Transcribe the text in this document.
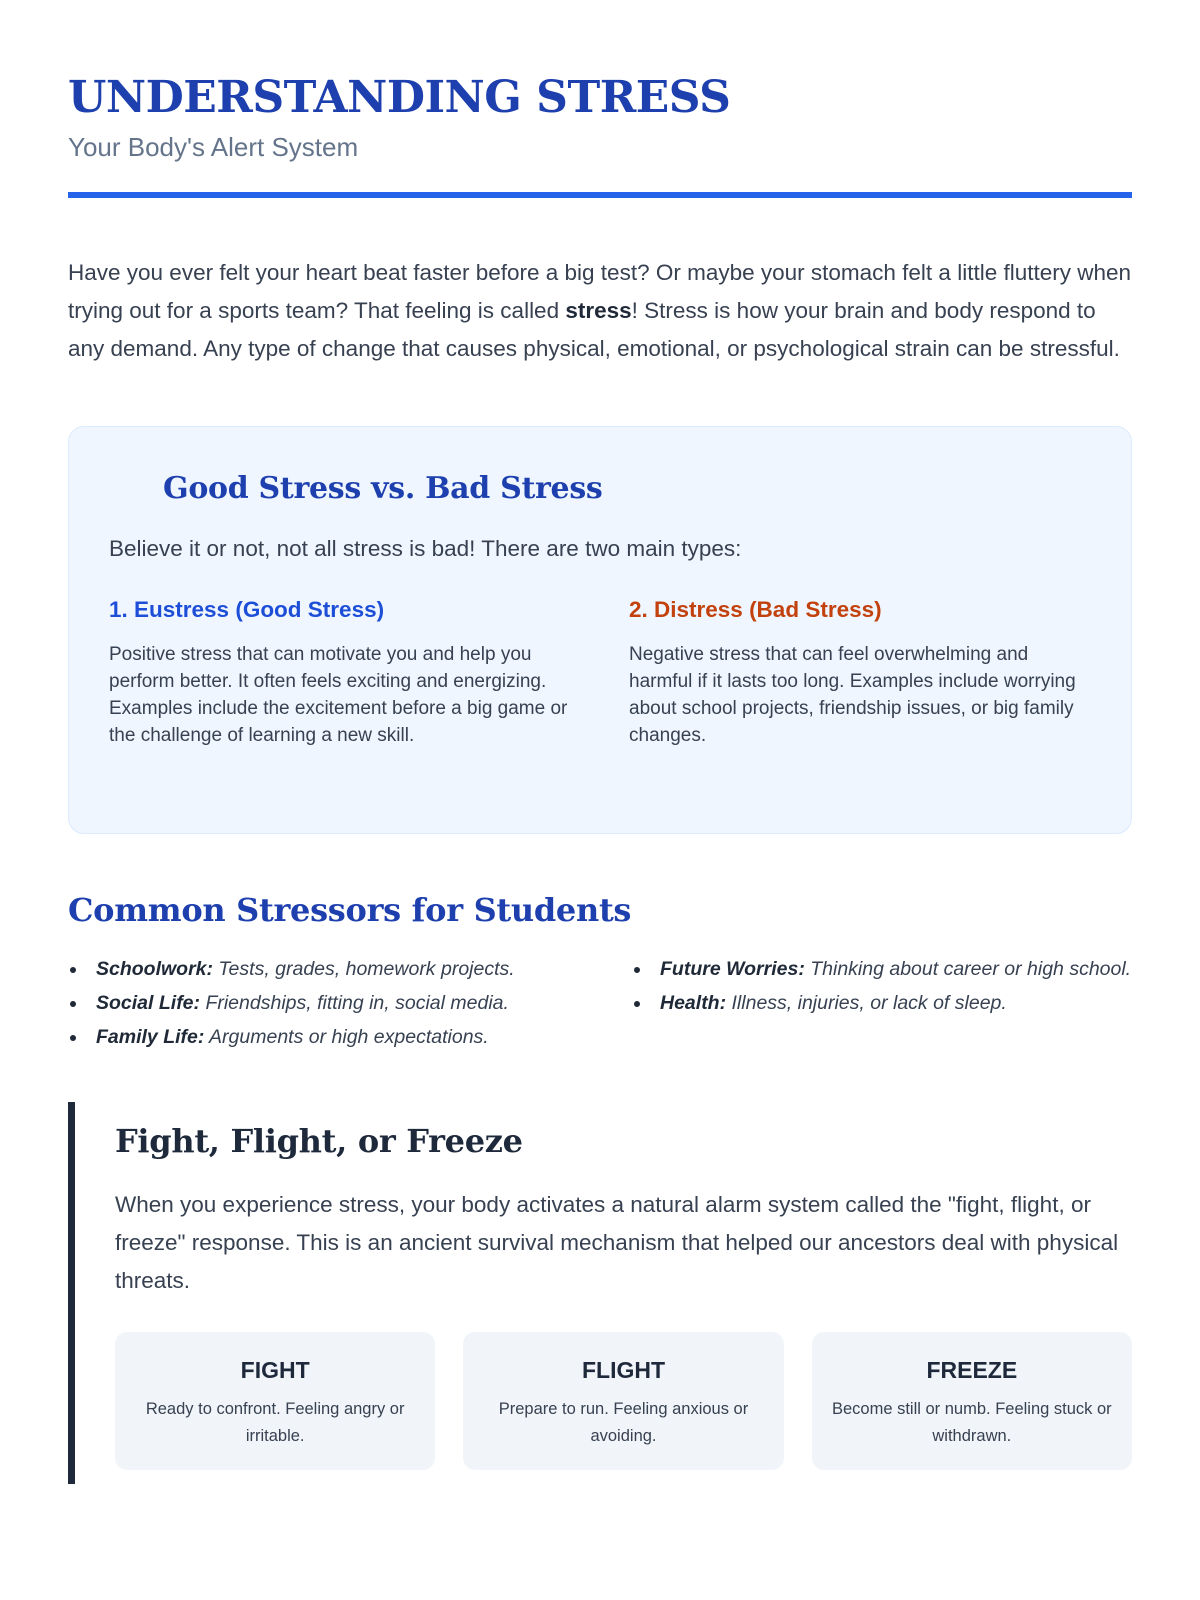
UNDERSTANDING STRESS
Your Body's Alert System

Have you ever felt your heart beat faster before a big test? Or maybe your stomach felt a little fluttery when trying out for a sports team? That feeling is called stress! Stress is how your brain and body respond to any demand. Any type of change that causes physical, emotional, or psychological strain can be stressful.

Good Stress vs. Bad Stress

Believe it or not, not all stress is bad! There are two main types:

1. Eustress (Good Stress)

Positive stress that can motivate you and help you perform better. It often feels exciting and energizing. Examples include the excitement before a big game or the challenge of learning a new skill.

2. Distress (Bad Stress)

Negative stress that can feel overwhelming and harmful if it lasts too long. Examples include worrying about school projects, friendship issues, or big family changes.

Common Stressors for Students
Schoolwork: Tests, grades, homework projects.
Social Life: Friendships, fitting in, social media.
Family Life: Arguments or high expectations.
Future Worries: Thinking about career or high school.
Health: Illness, injuries, or lack of sleep.
Fight, Flight, or Freeze

When you experience stress, your body activates a natural alarm system called the "fight, flight, or freeze" response. This is an ancient survival mechanism that helped our ancestors deal with physical threats.

FIGHT

Ready to confront. Feeling angry or irritable.

FLIGHT

Prepare to run. Feeling anxious or avoiding.

FREEZE

Become still or numb. Feeling stuck or withdrawn.
